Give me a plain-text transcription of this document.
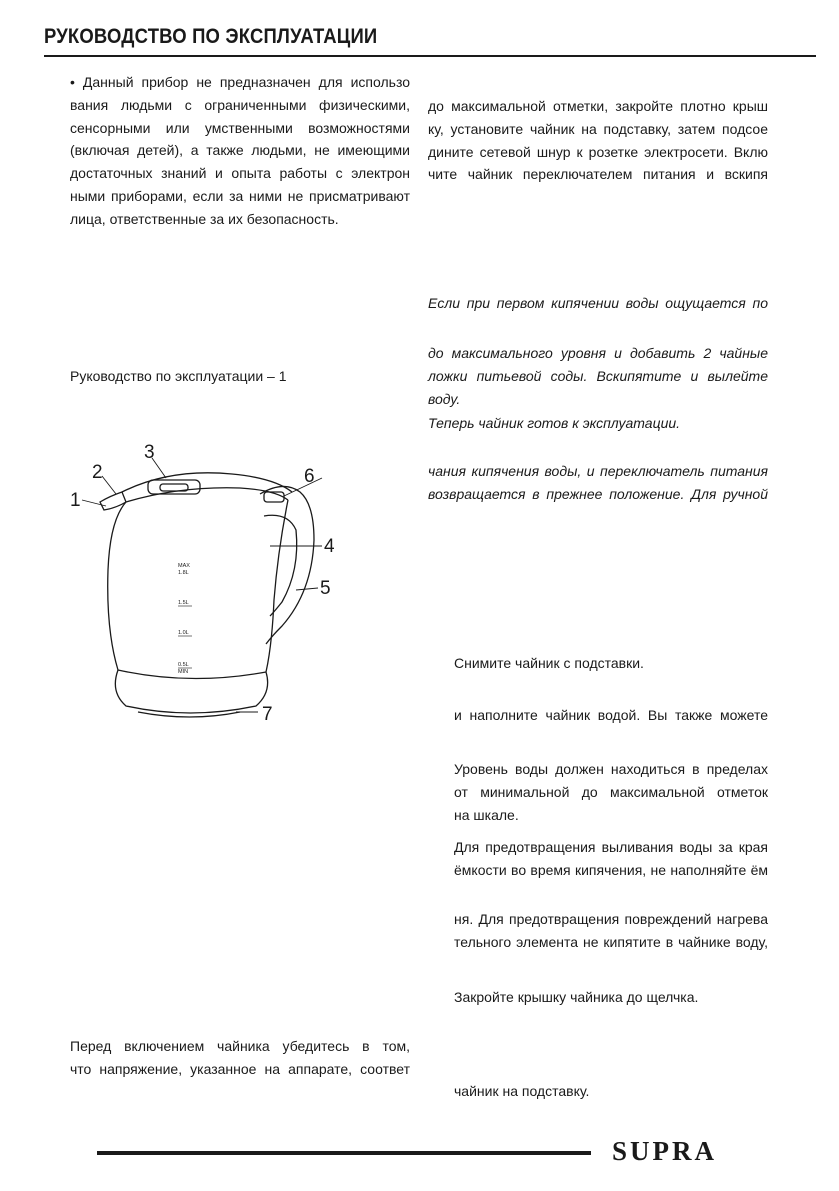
РУКОВОДСТВО ПО ЭКСПЛУАТАЦИИ
• Данный прибор не предназначен для использо
вания людьми с ограниченными физическими,
сенсорными или умственными возможностями
(включая детей), а также людьми, не имеющими
достаточных знаний и опыта работы с электрон
ными приборами, если за ними не присматривают
лица, ответственные за их безопасность.
Руководство по эксплуатации – 1
1
2
3
4
5
6
7
MAX
1.8L
1.5L
1.0L
0.5L
MIN
Перед включением чайника убедитесь в том,
что напряжение, указанное на аппарате, соответ
до максимальной отметки, закройте плотно крыш
ку, установите чайник на подставку, затем подсое
дините сетевой шнур к розетке электросети. Вклю
чите чайник переключателем питания и вскипя
Если при первом кипячении воды ощущается по
до максимального уровня и добавить 2 чайные
ложки питьевой соды. Вскипятите и вылейте воду.
Теперь чайник готов к эксплуатации.
чания кипячения воды, и переключатель питания
возвращается в прежнее положение. Для ручной
Снимите чайник с подставки.
и наполните чайник водой. Вы также можете
Уровень воды должен находиться в пределах
от минимальной до максимальной отметок
на шкале.
Для предотвращения выливания воды за края
ёмкости во время кипячения, не наполняйте ём
ня. Для предотвращения повреждений нагрева
тельного элемента не кипятите в чайнике воду,
Закройте крышку чайника до щелчка.
чайник на подставку.
SUPRA
